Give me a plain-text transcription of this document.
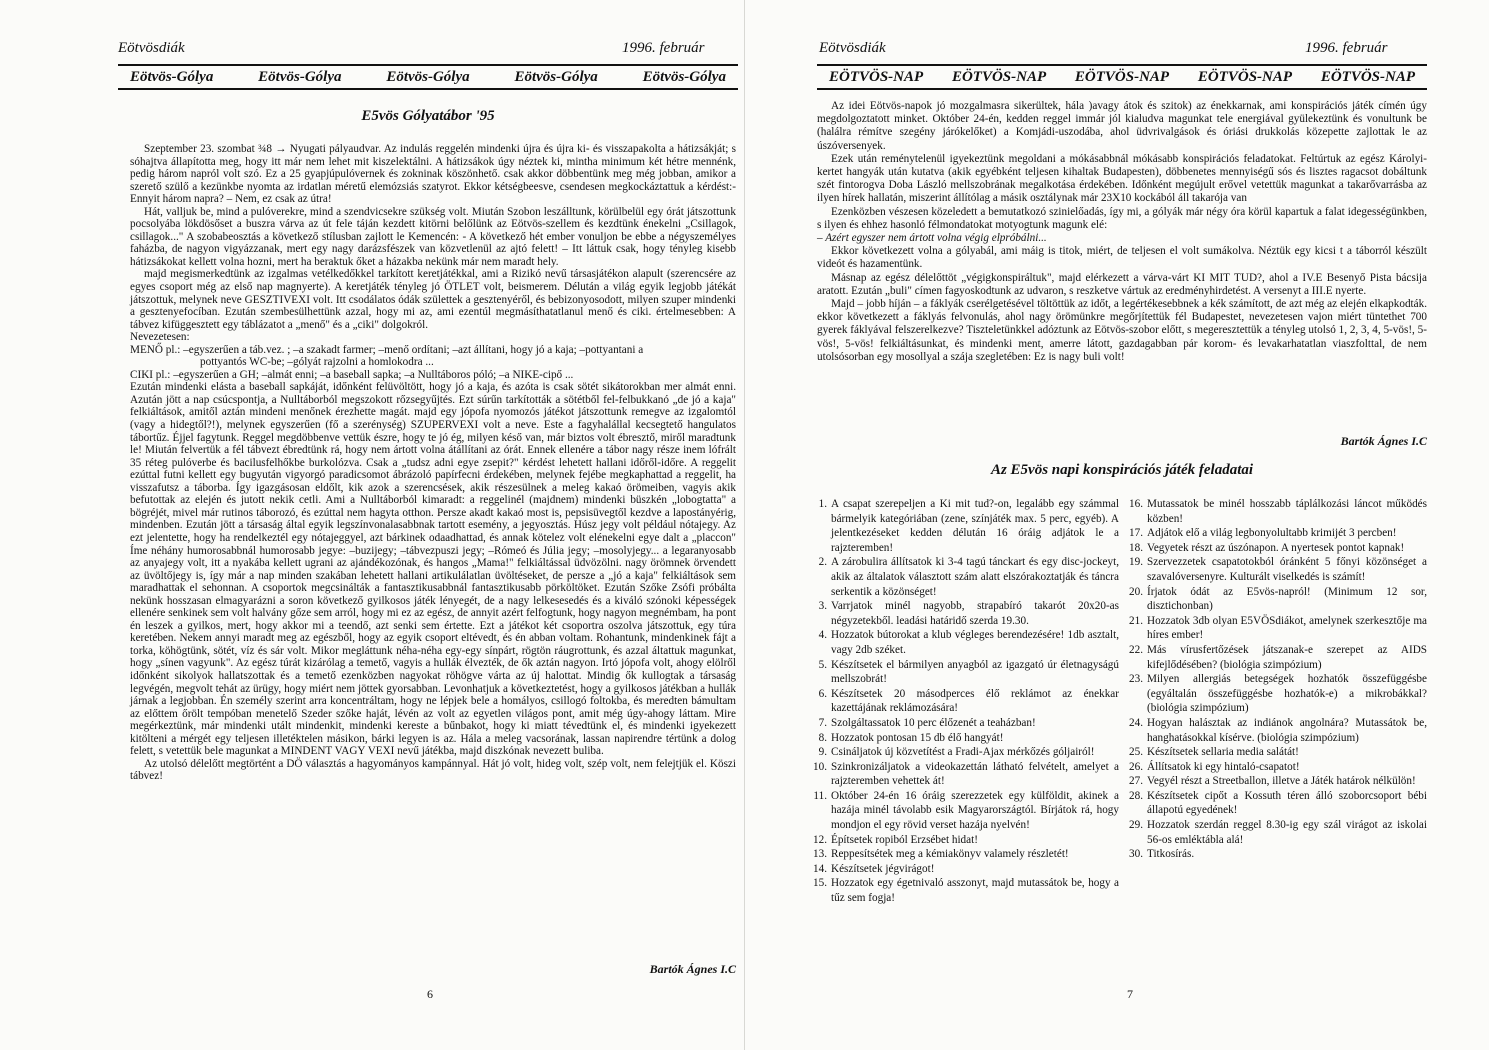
Eötvösdiák	1996. február
Eötvös-Gólya	Eötvös-Gólya	Eötvös-Gólya	Eötvös-Gólya	Eötvös-Gólya
E5vös Gólyatábor '95

Szeptember 23. szombat ¾8 → Nyugati pályaudvar. Az indulás reggelén mindenki újra és újra ki- és visszapakolta a hátizsákját; s sóhajtva állapította meg, hogy itt már nem lehet mit kiszelektálni. A hátizsákok úgy néztek ki, mintha minimum két hétre mennénk, pedig három napról volt szó. Ez a 25 gyapjúpulóvernek és zokninak köszönhető. csak akkor döbbentünk meg még jobban, amikor a szerető szülő a kezünkbe nyomta az irdatlan méretű elemózsiás szatyrot. Ekkor kétségbeesve, csendesen megkockáztattuk a kérdést:- Ennyit három napra? – Nem, ez csak az útra!

Hát, valljuk be, mind a pulóverekre, mind a szendvicsekre szükség volt. Miután Szobon leszálltunk, körülbelül egy órát játszottunk pocsolyába lökdösőset a buszra várva az út fele táján kezdett kitörni belőlünk az Eötvös-szellem és kezdtünk énekelni „Csillagok, csillagok..." A szobabeosztás a következő stílusban zajlott le Kemencén: - A következő hét ember vonuljon be ebbe a négyszemélyes faházba, de nagyon vigyázzanak, mert egy nagy darázsfészek van közvetlenül az ajtó felett! – Itt láttuk csak, hogy tényleg kisebb hátizsákokat kellett volna hozni, mert ha beraktuk őket a házakba nekünk már nem maradt hely.

majd megismerkedtünk az izgalmas vetélkedőkkel tarkított keretjátékkal, ami a Rizikó nevű társasjátékon alapult (szerencsére az egyes csoport még az első nap magnyerte). A keretjáték tényleg jó ÖTLET volt, beismerem. Délután a világ egyik legjobb játékát játszottuk, melynek neve GESZTIVEXI volt. Itt csodálatos ódák születtek a gesztenyéről, és bebizonyosodott, milyen szuper mindenki a gesztenyefocíban. Ezután szembesülhettünk azzal, hogy mi az, ami ezentúl megmásíthatatlanul menő és ciki. értelmesebben: A tábvez kifüggesztett egy táblázatot a „menő" és a „ciki" dolgokról.

Nevezetesen:

MENŐ pl.: –egyszerűen a táb.vez. ; –a szakadt farmer; –menő ordítani; –azt állítani, hogy jó a kaja; –pottyantani a

pottyantós WC-be; –gólyát rajzolni a homlokodra ...

CIKI pl.: –egyszerűen a GH; –almát enni; –a baseball sapka; –a Nulltáboros póló; –a NIKE-cipő ...

Ezután mindenki elásta a baseball sapkáját, időnként felüvöltött, hogy jó a kaja, és azóta is csak sötét sikátorokban mer almát enni. Azután jött a nap csúcspontja, a Nulltáborból megszokott rőzsegyűjtés. Ezt súrűn tarkították a sötétből fel-felbukkanó „de jó a kaja" felkiáltások, amitől aztán mindeni menőnek érezhette magát. majd egy jópofa nyomozós játékot játszottunk remegve az izgalomtól (vagy a hidegtől?!), melynek egyszerűen (fő a szerénység) SZUPERVEXI volt a neve. Este a fagyhalállal kecsegtető hangulatos tábortűz. Éjjel fagytunk. Reggel megdöbbenve vettük észre, hogy te jó ég, milyen késő van, már biztos volt ébresztő, miről maradtunk le! Miután felvertük a fél tábvezt ébredtünk rá, hogy nem ártott volna átállítani az órát. Ennek ellenére a tábor nagy része inem lófrált 35 réteg pulóverbe és bacilusfelhőkbe burkolózva. Csak a „tudsz adni egye zsepit?" kérdést lehetett hallani időről-időre. A reggelit ezúttal futni kellett egy bugyután vigyorgó paradicsomot ábrázoló papírfecni érdekében, melynek fejébe megkaphattad a reggelit, ha visszafutsz a táborba. Így igazgásosan eldőlt, kik azok a szerencsések, akik részesülnek a meleg kakaó örömeiben, vagyis akik befutottak az elején és jutott nekik cetli. Ami a Nulltáborból kimaradt: a reggelinél (majdnem) mindenki büszkén „lobogtatta" a bögréjét, mivel már rutinos táborozó, és ezúttal nem hagyta otthon. Persze akadt kakaó most is, pepsisüvegtől kezdve a lapostányérig, mindenben. Ezután jött a társaság által egyik legszínvonalasabbnak tartott esemény, a jegyosztás. Húsz jegy volt például nótajegy. Az ezt jelentette, hogy ha rendelkeztél egy nótajeggyel, azt bárkinek odaadhattad, és annak kötelez volt elénekelni egye dalt a „placcon" Íme néhány humorosabbnál humorosabb jegye: –buzijegy; –tábvezpuszi jegy; –Rómeó és Júlia jegy; –mosolyjegy... a legaranyosabb az anyajegy volt, itt a nyakába kellett ugrani az ajándékozónak, és hangos „Mama!" felkiáltással üdvözölni. nagy örömnek örvendett az üvöltőjegy is, így már a nap minden szakában lehetett hallani artikulálatlan üvöltéseket, de persze a „jó a kaja" felkiáltások sem maradhattak el sehonnan. A csoportok megcsinálták a fantasztikusabbnál fantasztikusabb pörköltöket. Ezután Szőke Zsófi próbálta nekünk hosszasan elmagyarázni a soron következő gyilkosos játék lényegét, de a nagy lelkesesedés és a kiváló szónoki képességek ellenére senkinek sem volt halvány gőze sem arról, hogy mi ez az egész, de annyit azért felfogtunk, hogy nagyon megnémbam, ha pont én leszek a gyilkos, mert, hogy akkor mi a teendő, azt senki sem értette. Ezt a játékot két csoportra oszolva játszottuk, egy túra keretében. Nekem annyi maradt meg az egészből, hogy az egyik csoport eltévedt, és én abban voltam. Rohantunk, mindenkinek fájt a torka, köhögtünk, sötét, víz és sár volt. Mikor megláttunk néha-néha egy-egy sínpárt, rögtön ráugrottunk, és azzal áltattuk magunkat, hogy „sínen vagyunk". Az egész túrát kizárólag a temető, vagyis a hullák élvezték, de ők aztán nagyon. Irtó jópofa volt, ahogy elölről időnként sikolyok hallatszottak és a temető ezenközben nagyokat röhögve várta az új halottat. Mindig ők kullogtak a társaság legvégén, megvolt tehát az ürügy, hogy miért nem jöttek gyorsabban. Levonhatjuk a következtetést, hogy a gyilkosos játékban a hullák járnak a legjobban. Én személy szerint arra koncentráltam, hogy ne lépjek bele a homályos, csillogó foltokba, és meredten bámultam az előttem őrölt tempóban menetelő Szeder szőke haját, lévén az volt az egyetlen világos pont, amit még úgy-ahogy láttam. Mire megérkeztünk, már mindenki utált mindenkit, mindenki kereste a bűnbakot, hogy ki miatt tévedtünk el, és mindenki igyekezett kitölteni a mérgét egy teljesen illetéktelen másikon, bárki legyen is az. Hála a meleg vacsorának, lassan napirendre tértünk a dolog felett, s vetettük bele magunkat a MINDENT VAGY VEXI nevű játékba, majd diszkónak nevezett buliba.

Az utolsó délelőtt megtörtént a DÖ választás a hagyományos kampánnyal. Hát jó volt, hideg volt, szép volt, nem felejtjük el. Köszi tábvez!

Bartók Ágnes I.C
6
Eötvösdiák	1996. február
EÖTVÖS-NAP EÖTVÖS-NAP EÖTVÖS-NAP EÖTVÖS-NAP EÖTVÖS-NAP

Az idei Eötvös-napok jó mozgalmasra sikerültek, hála )avagy átok és szitok) az énekkarnak, ami konspirációs játék címén úgy megdolgoztatott minket. Október 24-én, kedden reggel immár jól kialudva magunkat tele energiával gyülekeztünk és vonultunk be (halálra rémítve szegény járókelőket) a Komjádi-uszodába, ahol üdvrivalgások és óriási drukkolás közepette zajlottak le az úszóversenyek.

Ezek után reménytelenül igyekeztünk megoldani a mókásabbnál mókásabb konspirációs feladatokat. Feltúrtuk az egész Károlyi-kertet hangyák után kutatva (akik egyébként teljesen kihaltak Budapesten), döbbenetes mennyiségű sós és lisztes ragacsot dobáltunk szét fintorogva Doba László mellszobrának megalkotása érdekében. Időnként megújult erővel vetettük magunkat a takarővarrásba az ilyen hírek hallatán, miszerint állítólag a másik osztálynak már 23X10 kockából áll takarója van

Ezenközben vészesen közeledett a bemutatkozó szinielőadás, így mi, a gólyák már négy óra körül kapartuk a falat idegességünkben, s ilyen és ehhez hasonló félmondatokat motyogtunk magunk elé:

– Azért egyszer nem ártott volna végig elpróbálni...

Ekkor következett volna a gólyabál, ami máig is titok, miért, de teljesen el volt sumákolva. Néztük egy kicsi t a táborról készült videót és hazamentünk.

Másnap az egész délelőttöt „végigkonspiráltuk", majd elérkezett a várva-várt KI MIT TUD?, ahol a IV.E Besenyő Pista bácsija aratott. Ezután „buli" címen fagyoskodtunk az udvaron, s reszketve vártuk az eredményhirdetést. A versenyt a III.E nyerte.

Majd – jobb híján – a fáklyák cserélgetésével töltöttük az időt, a legértékesebbnek a kék számított, de azt még az elején elkapkodták. ekkor következett a fáklyás felvonulás, ahol nagy örömünkre megőrjítettük fél Budapestet, nevezetesen vajon miért tüntethet 700 gyerek fáklyával felszerelkezve? Tiszteletünkkel adóztunk az Eötvös-szobor előtt, s megeresztettük a tényleg utolsó 1, 2, 3, 4, 5-vös!, 5-vös!, 5-vös! felkiáltásunkat, és mindenki ment, amerre látott, gazdagabban pár korom- és levakarhatatlan viaszfolttal, de nem utolsósorban egy mosollyal a szája szegletében: Ez is nagy buli volt!

Bartók Ágnes I.C
Az E5vös napi konspirációs játék feladatai
1. A csapat szerepeljen a Ki mit tud?-on, legalább egy számmal bármelyik kategóriában (zene, színjáték max. 5 perc, egyéb). A jelentkezéseket kedden délután 16 óráig adjátok le a rajzteremben!
2. A zárobulira állítsatok ki 3-4 tagú tánckart és egy disc-jockeyt, akik az általatok választott szám alatt elszórakoztatják és táncra serkentik a közönséget!
3. Varrjatok minél nagyobb, strapabíró takarót 20x20-as négyzetekből. leadási határidő szerda 19.30.
4. Hozzatok bútorokat a klub végleges berendezésére! 1db asztalt, vagy 2db széket.
5. Készítsetek el bármilyen anyagból az igazgató úr életnagyságú mellszobrát!
6. Készítsetek 20 másodperces élő reklámot az énekkar kazettájának reklámozására!
7. Szolgáltassatok 10 perc élőzenét a teaházban!
8. Hozzatok pontosan 15 db élő hangyát!
9. Csináljatok új közvetítést a Fradi-Ajax mérkőzés góljairól!
10. Szinkronizáljatok a videokazettán látható felvételt, amelyet a rajzteremben vehettek át!
11. Október 24-én 16 óráig szerezzetek egy külföldit, akinek a hazája minél távolabb esik Magyarországtól. Bírjátok rá, hogy mondjon el egy rövid verset hazája nyelvén!
12. Építsetek ropiból Erzsébet hidat!
13. Reppesítsétek meg a kémiakönyv valamely részletét!
14. Készítsetek jégvirágot!
15. Hozzatok egy égetnivaló asszonyt, majd mutassátok be, hogy a tűz sem fogja!
16. Mutassatok be minél hosszabb táplálkozási láncot működés közben!
17. Adjátok elő a világ legbonyolultabb krimijét 3 percben!
18. Vegyetek részt az úszónapon. A nyertesek pontot kapnak!
19. Szervezzetek csapatotokból óránként 5 főnyi közönséget a szavalóversenyre. Kulturált viselkedés is számít!
20. Írjatok ódát az E5vös-napról! (Minimum 12 sor, disztichonban)
21. Hozzatok 3db olyan E5VÖSdiákot, amelynek szerkesztője ma híres ember!
22. Más vírusfertőzések játszanak-e szerepet az AIDS kifejlődésében? (biológia szimpózium)
23. Milyen allergiás betegségek hozhatók összefüggésbe (egyáltalán összefüggésbe hozhatók-e) a mikrobákkal? (biológia szimpózium)
24. Hogyan halásztak az indiánok angolnára? Mutassátok be, hanghatásokkal kísérve. (biológia szimpózium)
25. Készítsetek sellaria media salátát!
26. Állítsatok ki egy hintaló-csapatot!
27. Vegyél részt a Streetballon, illetve a Játék határok nélkülön!
28. Készítsetek cipőt a Kossuth téren álló szoborcsoport bébi állapotú egyedének!
29. Hozzatok szerdán reggel 8.30-ig egy szál virágot az iskolai 56-os emléktábla alá!
30. Titkosírás.
7
